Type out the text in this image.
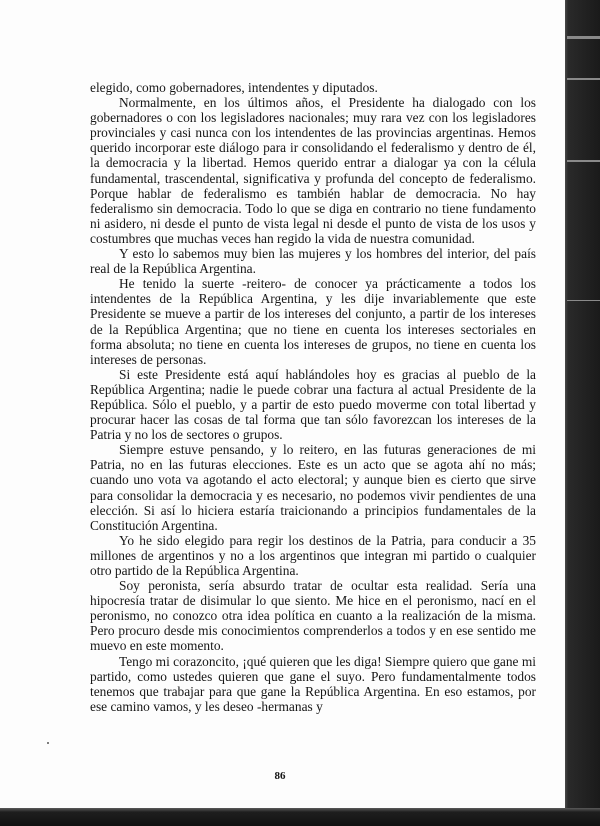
elegido, como gobernadores, intendentes y diputados.

Normalmente, en los últimos años, el Presidente ha dialogado con los gobernadores o con los legisladores nacionales; muy rara vez con los legisladores provinciales y casi nunca con los intendentes de las provincias argentinas. Hemos querido incorporar este diálogo para ir consolidando el federalismo y dentro de él, la democracia y la libertad. Hemos querido entrar a dialogar ya con la célula fundamental, trascendental, significativa y profunda del concepto de federalismo. Porque hablar de federalismo es también hablar de democracia. No hay federalismo sin democracia. Todo lo que se diga en contrario no tiene fundamento ni asidero, ni desde el punto de vista legal ni desde el punto de vista de los usos y costumbres que muchas veces han regido la vida de nuestra comunidad.

Y esto lo sabemos muy bien las mujeres y los hombres del interior, del país real de la República Argentina.

He tenido la suerte -reitero- de conocer ya prácticamente a todos los intendentes de la República Argentina, y les dije invariablemente que este Presidente se mueve a partir de los intereses del conjunto, a partir de los intereses de la República Argentina; que no tiene en cuenta los intereses sectoriales en forma absoluta; no tiene en cuenta los intereses de grupos, no tiene en cuenta los intereses de personas.

Si este Presidente está aquí hablándoles hoy es gracias al pueblo de la República Argentina; nadie le puede cobrar una factura al actual Presidente de la República. Sólo el pueblo, y a partir de esto puedo moverme con total libertad y procurar hacer las cosas de tal forma que tan sólo favorezcan los intereses de la Patria y no los de sectores o grupos.

Siempre estuve pensando, y lo reitero, en las futuras generaciones de mi Patria, no en las futuras elecciones. Este es un acto que se agota ahí no más; cuando uno vota va agotando el acto electoral; y aunque bien es cierto que sirve para consolidar la democracia y es necesario, no podemos vivir pendientes de una elección. Si así lo hiciera estaría traicionando a principios fundamentales de la Constitución Argentina.

Yo he sido elegido para regir los destinos de la Patria, para conducir a 35 millones de argentinos y no a los argentinos que integran mi partido o cualquier otro partido de la República Argentina.

Soy peronista, sería absurdo tratar de ocultar esta realidad. Sería una hipocresía tratar de disimular lo que siento. Me hice en el peronismo, nací en el peronismo, no conozco otra idea política en cuanto a la realización de la misma. Pero procuro desde mis conocimientos comprenderlos a todos y en ese sentido me muevo en este momento.

Tengo mi corazoncito, ¡qué quieren que les diga! Siempre quiero que gane mi partido, como ustedes quieren que gane el suyo. Pero fundamentalmente todos tenemos que trabajar para que gane la República Argentina. En eso estamos, por ese camino vamos, y les deseo -hermanas y

86
